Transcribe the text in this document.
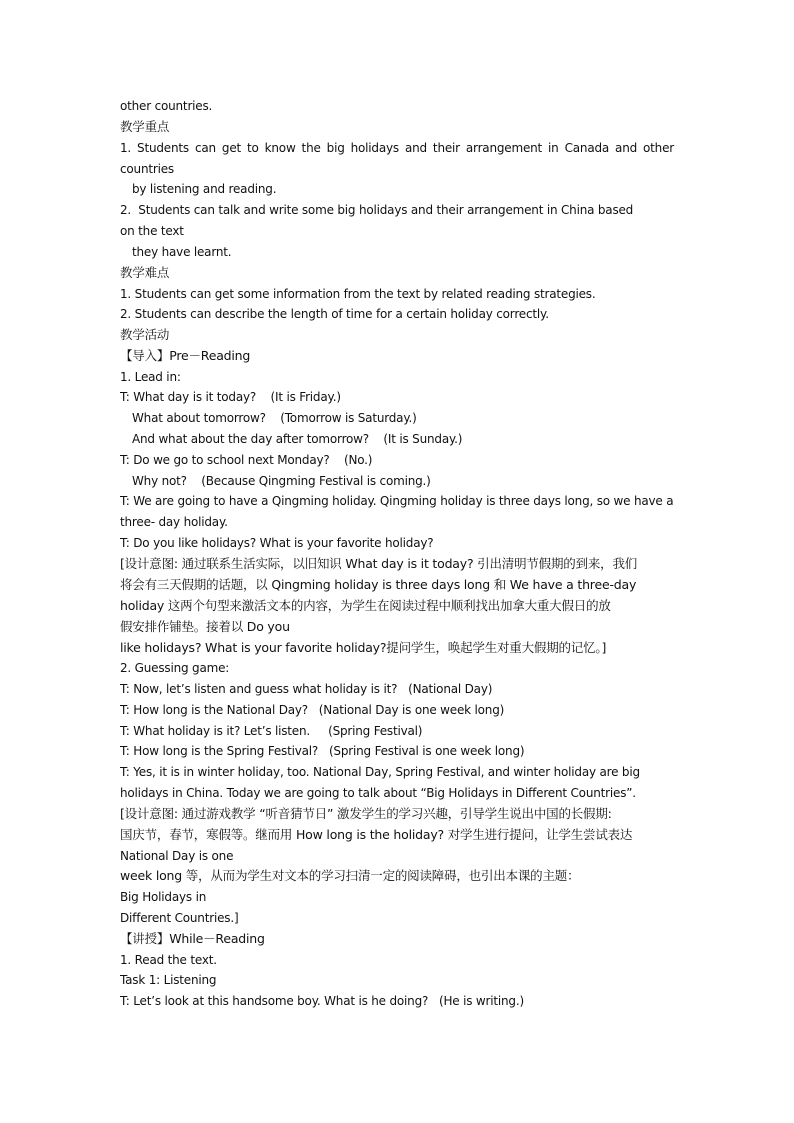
other countries.
教学重点
1. Students can get to know the big holidays and their arrangement in Canada and other
countries
by listening and reading.
2.  Students can talk and write some big holidays and their arrangement in China based
on the text
they have learnt.
教学难点
1. Students can get some information from the text by related reading strategies.
2. Students can describe the length of time for a certain holiday correctly.
教学活动
【导入】Pre－Reading
1. Lead in:
T: What day is it today?    (It is Friday.)
What about tomorrow?    (Tomorrow is Saturday.)
And what about the day after tomorrow?    (It is Sunday.)
T: Do we go to school next Monday?    (No.)
Why not?    (Because Qingming Festival is coming.)
T: We are going to have a Qingming holiday. Qingming holiday is three days long, so we have a
three- day holiday.
T: Do you like holidays? What is your favorite holiday?
[设计意图: 通过联系生活实际，以旧知识 What day is it today? 引出清明节假期的到来，我们
将会有三天假期的话题，以 Qingming holiday is three days long 和 We have a three-day
holiday 这两个句型来激活文本的内容，为学生在阅读过程中顺利找出加拿大重大假日的放
假安排作铺垫。接着以 Do you
like holidays? What is your favorite holiday?提问学生，唤起学生对重大假期的记忆。]
2. Guessing game:
T: Now, let’s listen and guess what holiday is it?   (National Day)
T: How long is the National Day?   (National Day is one week long)
T: What holiday is it? Let’s listen.     (Spring Festival)
T: How long is the Spring Festival?   (Spring Festival is one week long)
T: Yes, it is in winter holiday, too. National Day, Spring Festival, and winter holiday are big
holidays in China. Today we are going to talk about “Big Holidays in Different Countries”.
[设计意图: 通过游戏教学 “听音猜节日” 激发学生的学习兴趣，引导学生说出中国的长假期:
国庆节，春节，寒假等。继而用 How long is the holiday? 对学生进行提问，让学生尝试表达
National Day is one
week long 等，从而为学生对文本的学习扫清一定的阅读障碍，也引出本课的主题：
Big Holidays in
Different Countries.]
【讲授】While－Reading
1. Read the text.
Task 1: Listening
T: Let’s look at this handsome boy. What is he doing?   (He is writing.)
